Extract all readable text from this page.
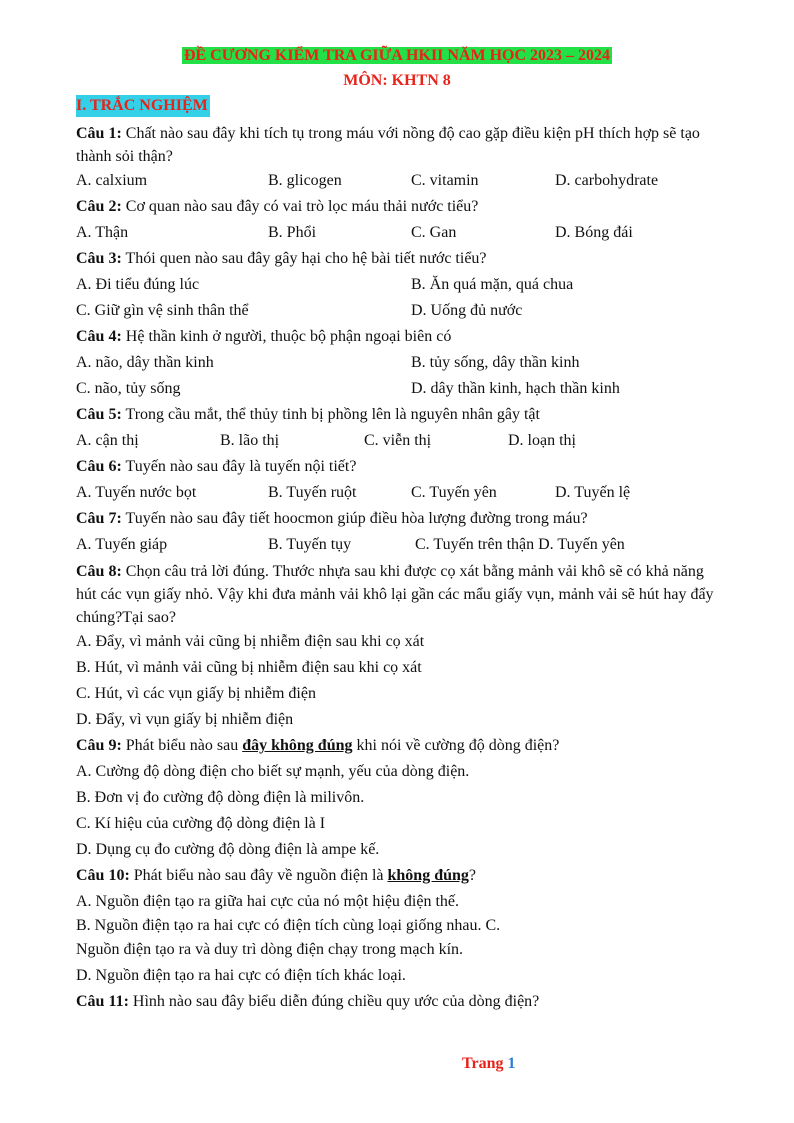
ĐỀ CƯƠNG KIỂM TRA GIỮA HKII NĂM HỌC 2023 – 2024
MÔN: KHTN 8
I. TRẮC NGHIỆM
Câu 1: Chất nào sau đây khi tích tụ trong máu với nồng độ cao gặp điều kiện pH thích hợp sẽ tạo thành sỏi thận?
A. calxium	B. glicogen	C. vitamin	D. carbohydrate
Câu 2: Cơ quan nào sau đây có vai trò lọc máu thải nước tiểu?
A. Thận	B. Phổi	C. Gan	D. Bóng đái
Câu 3: Thói quen nào sau đây gây hại cho hệ bài tiết nước tiểu?
A. Đi tiểu đúng lúc	B. Ăn quá mặn, quá chua
C. Giữ gìn vệ sinh thân thể	D. Uống đủ nước
Câu 4: Hệ thần kinh ở người, thuộc bộ phận ngoại biên có
A. não, dây thần kinh	B. tủy sống, dây thần kinh
C. não, tủy sống	D. dây thần kinh, hạch thần kinh
Câu 5: Trong cầu mắt, thể thủy tinh bị phồng lên là nguyên nhân gây tật
A. cận thị	B. lão thị	C. viễn thị	D. loạn thị
Câu 6: Tuyến nào sau đây là tuyến nội tiết?
A. Tuyến nước bọt	B. Tuyến ruột	C. Tuyến yên	D. Tuyến lệ
Câu 7: Tuyến nào sau đây tiết hoocmon giúp điều hòa lượng đường trong máu?
A. Tuyến giáp	B. Tuyến tụy	C. Tuyến trên thận D. Tuyến yên
Câu 8: Chọn câu trả lời đúng. Thước nhựa sau khi được cọ xát bằng mảnh vải khô sẽ có khả năng hút các vụn giấy nhỏ. Vậy khi đưa mảnh vải khô lại gần các mẩu giấy vụn, mảnh vải sẽ hút hay đẩy chúng?Tại sao?
A. Đẩy, vì mảnh vải cũng bị nhiễm điện sau khi cọ xát
B. Hút, vì mảnh vải cũng bị nhiễm điện sau khi cọ xát
C. Hút, vì các vụn giấy bị nhiễm điện
D. Đẩy, vì vụn giấy bị nhiễm điện
Câu 9: Phát biểu nào sau đây không đúng khi nói về cường độ dòng điện?
A. Cường độ dòng điện cho biết sự mạnh, yếu của dòng điện.
B. Đơn vị đo cường độ dòng điện là milivôn.
C. Kí hiệu của cường độ dòng điện là I
D. Dụng cụ đo cường độ dòng điện là ampe kế.
Câu 10: Phát biểu nào sau đây về nguồn điện là không đúng?
A. Nguồn điện tạo ra giữa hai cực của nó một hiệu điện thế.
B. Nguồn điện tạo ra hai cực có điện tích cùng loại giống nhau. C.
Nguồn điện tạo ra và duy trì dòng điện chạy trong mạch kín.
D. Nguồn điện tạo ra hai cực có điện tích khác loại.
Câu 11: Hình nào sau đây biểu diễn đúng chiều quy ước của dòng điện?
Trang 1
